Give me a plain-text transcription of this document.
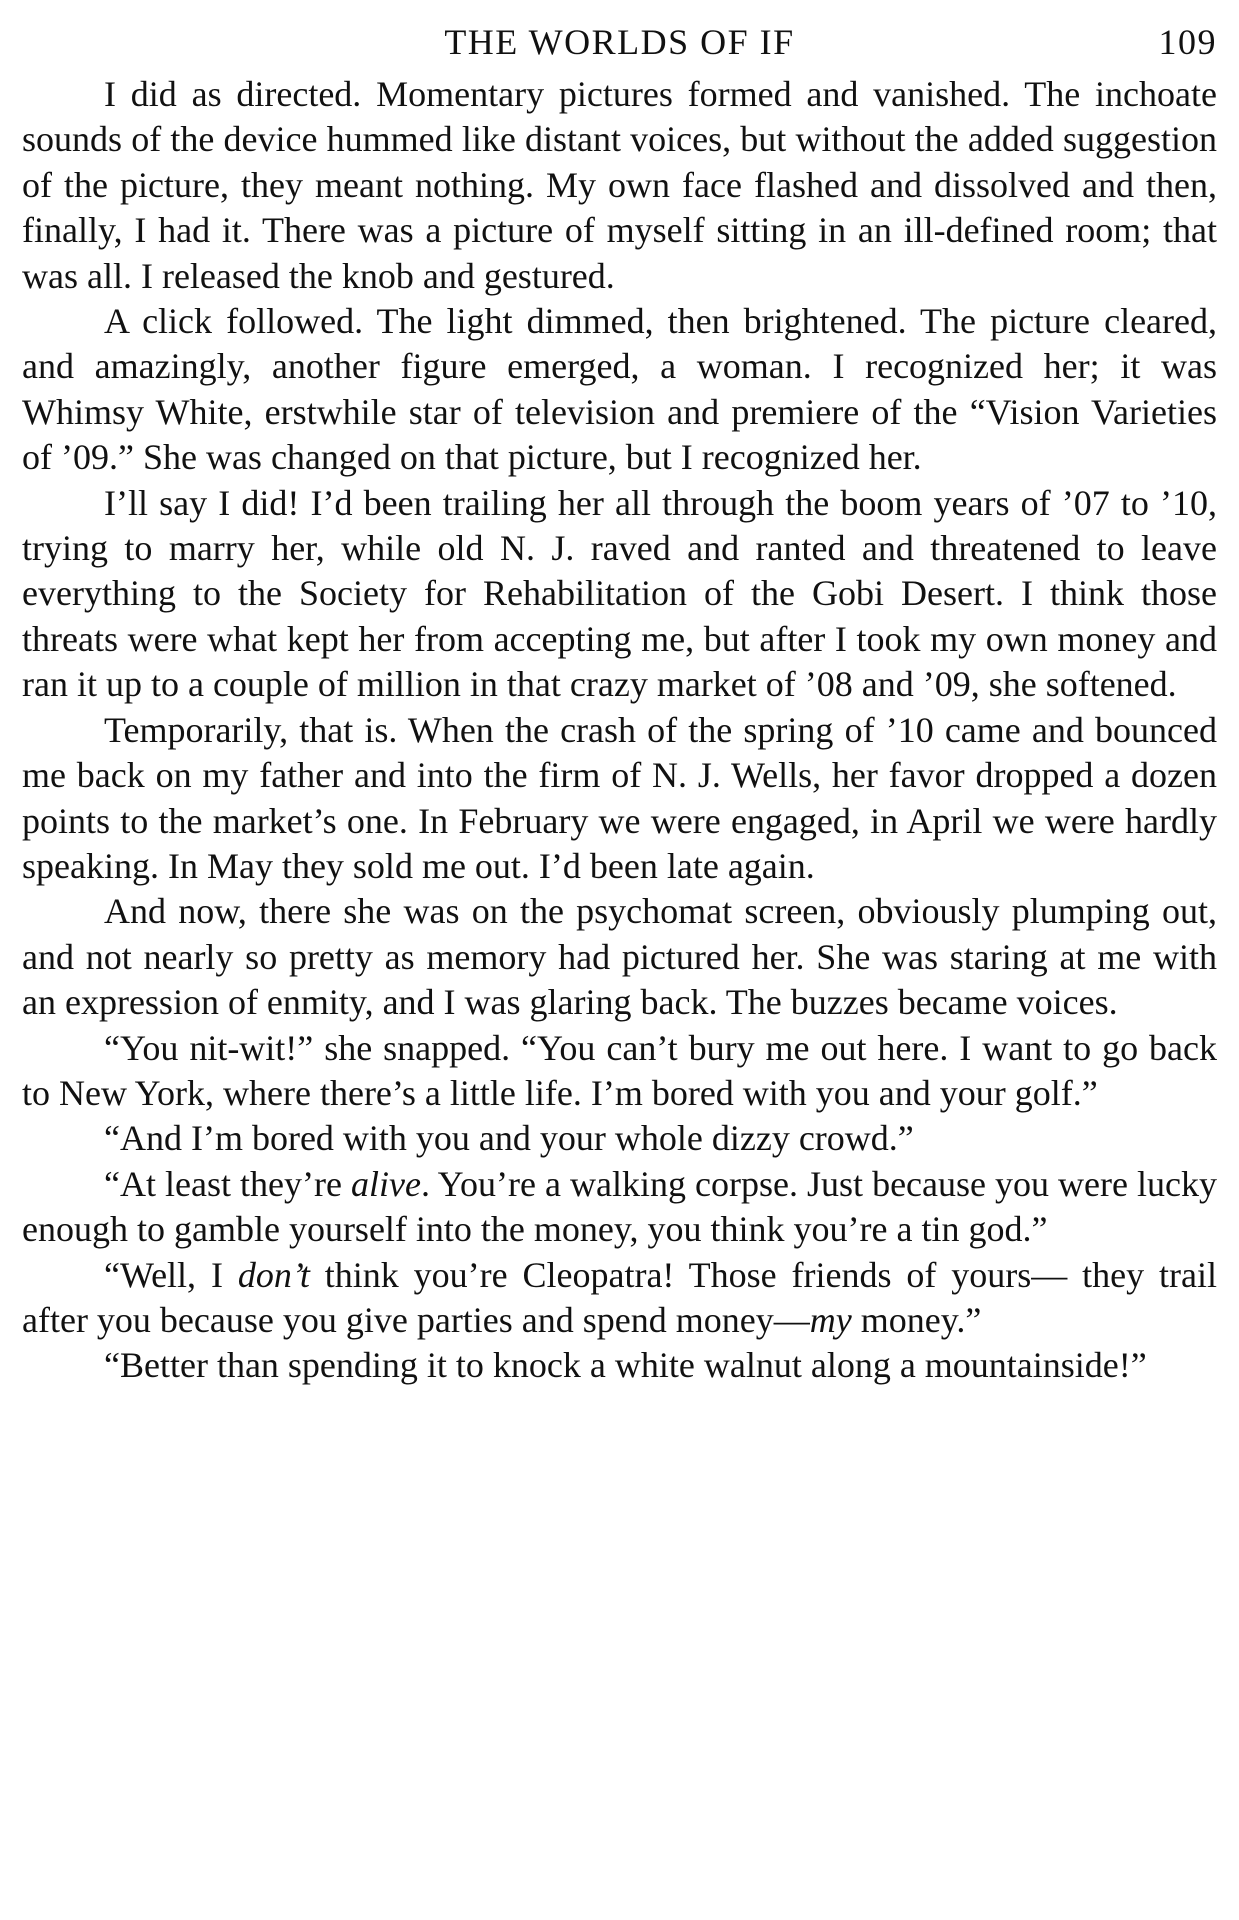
THE WORLDS OF IF	109

I did as directed. Momentary pictures formed and vanished. The inchoate sounds of the device hummed like distant voices, but without the added suggestion of the picture, they meant nothing. My own face flashed and dissolved and then, finally, I had it. There was a picture of myself sitting in an ill-defined room; that was all. I released the knob and gestured.

A click followed. The light dimmed, then brightened. The picture cleared, and amazingly, another figure emerged, a woman. I recognized her; it was Whimsy White, erstwhile star of television and premiere of the “Vision Varieties of ’09.” She was changed on that picture, but I recognized her.

I’ll say I did! I’d been trailing her all through the boom years of ’07 to ’10, trying to marry her, while old N. J. raved and ranted and threatened to leave everything to the Society for Rehabilitation of the Gobi Desert. I think those threats were what kept her from accepting me, but after I took my own money and ran it up to a couple of million in that crazy market of ’08 and ’09, she softened.

Temporarily, that is. When the crash of the spring of ’10 came and bounced me back on my father and into the firm of N. J. Wells, her favor dropped a dozen points to the market’s one. In February we were engaged, in April we were hardly speaking. In May they sold me out. I’d been late again.

And now, there she was on the psychomat screen, obviously plumping out, and not nearly so pretty as memory had pictured her. She was staring at me with an expression of enmity, and I was glaring back. The buzzes became voices.

“You nit-wit!” she snapped. “You can’t bury me out here. I want to go back to New York, where there’s a little life. I’m bored with you and your golf.”

“And I’m bored with you and your whole dizzy crowd.”

“At least they’re alive. You’re a walking corpse. Just because you were lucky enough to gamble yourself into the money, you think you’re a tin god.”

“Well, I don’t think you’re Cleopatra! Those friends of yours— they trail after you because you give parties and spend money—my money.”

“Better than spending it to knock a white walnut along a mountainside!”
